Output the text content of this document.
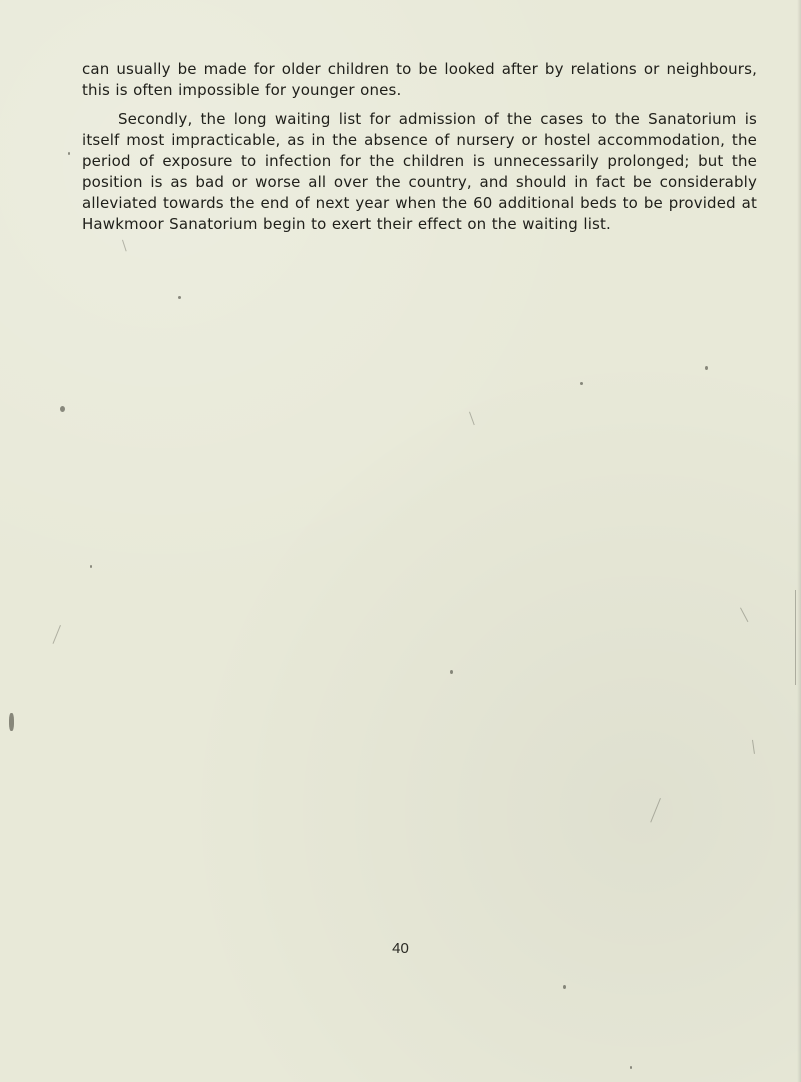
can usually be made for older children to be looked after by relations or neighbours, this is often impossible for younger ones.

Secondly, the long waiting list for admission of the cases to the Sanatorium is itself most impracticable, as in the absence of nursery or hostel accommodation, the period of exposure to infection for the children is unnecessarily prolonged; but the position is as bad or worse all over the country, and should in fact be considerably alleviated towards the end of next year when the 60 additional beds to be provided at Hawkmoor Sanatorium begin to exert their effect on the waiting list.

40
